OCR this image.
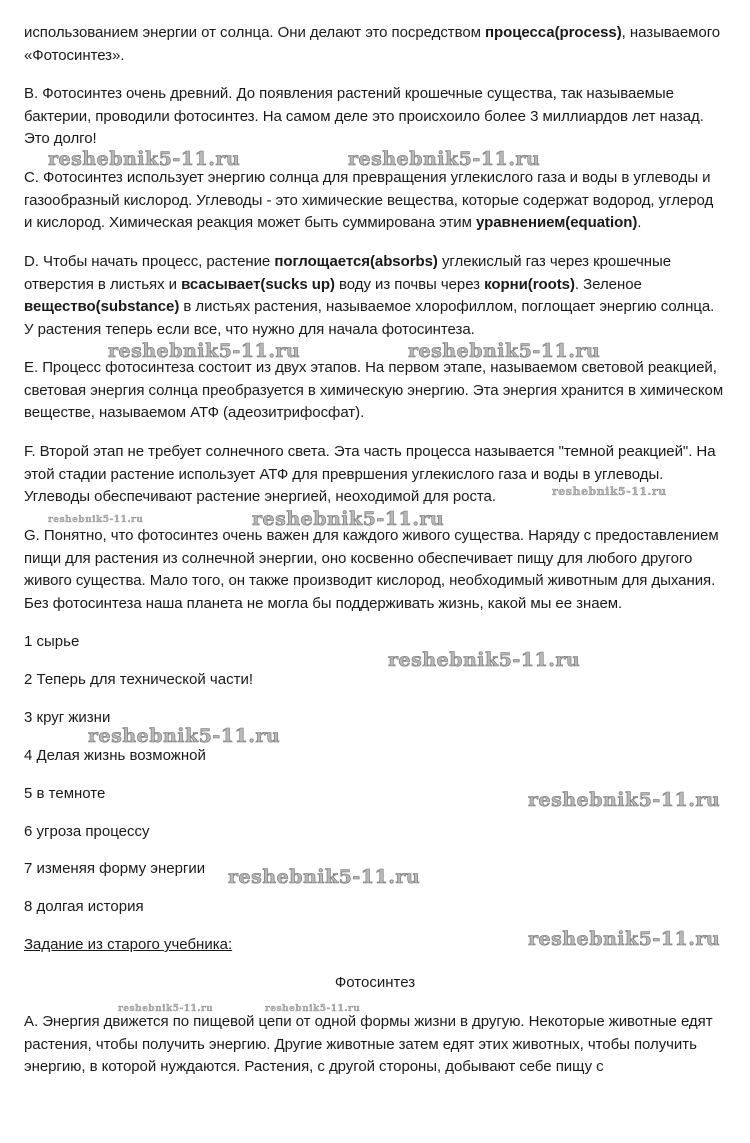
использованием энергии от солнца. Они делают это посредством процесса(process), называемого «Фотосинтез».

B. Фотосинтез очень древний. До появления растений крошечные существа, так называемые бактерии, проводили фотосинтез. На самом деле это происхоило более 3 миллиардов лет назад. Это долго!

С. Фотосинтез использует энергию солнца для превращения углекислого газа и воды в углеводы и газообразный кислород. Углеводы - это химические вещества, которые содержат водород, углерод и кислород. Химическая реакция может быть суммирована этим уравнением(equation).

D. Чтобы начать процесс, растение поглощается(absorbs) углекислый газ через крошечные отверстия в листьях и всасывает(sucks up) воду из почвы через корни(roots). Зеленое вещество(substance) в листьях растения, называемое хлорофиллом, поглощает энергию солнца. У растения теперь если все, что нужно для начала фотосинтеза.

E. Процесс фотосинтеза состоит из двух этапов. На первом этапе, называемом световой реакцией, световая энергия солнца преобразуется в химическую энергию. Эта энергия хранится в химическом веществе, называемом АТФ (адеозитрифосфат).

F. Второй этап не требует солнечного света. Эта часть процесса называется "темной реакцией". На этой стадии растение использует АТФ для превршения углекислого газа и воды в углеводы. Углеводы обеспечивают растение энергией, неоходимой для роста.

G. Понятно, что фотосинтез очень важен для каждого живого существа. Наряду с предоставлением пищи для растения из солнечной энергии, оно косвенно обеспечивает пищу для любого другого живого существа. Мало того, он также производит кислород, необходимый животным для дыхания. Без фотосинтеза наша планета не могла бы поддерживать жизнь, какой мы ее знаем.

1 сырье

2 Теперь для технической части!

3 круг жизни

4 Делая жизнь возможной

5 в темноте

6 угроза процессу

7 изменяя форму энергии

8 долгая история

Задание из старого учебника:
Фотосинтез

А. Энергия движется по пищевой цепи от одной формы жизни в другую. Некоторые животные едят растения, чтобы получить энергию. Другие животные затем едят этих животных, чтобы получить энергию, в которой нуждаются. Растения, с другой стороны, добывают себе пищу с

reshebnik5-11.ru	reshebnik5-11.ru
reshebnik5-11.ru	reshebnik5-11.ru
reshebnik5-11.ru
reshebnik5-11.ru	reshebnik5-11.ru
reshebnik5-11.ru
reshebnik5-11.ru
reshebnik5-11.ru
reshebnik5-11.ru
reshebnik5-11.ru
reshebnik5-11.ru	reshebnik5-11.ru
